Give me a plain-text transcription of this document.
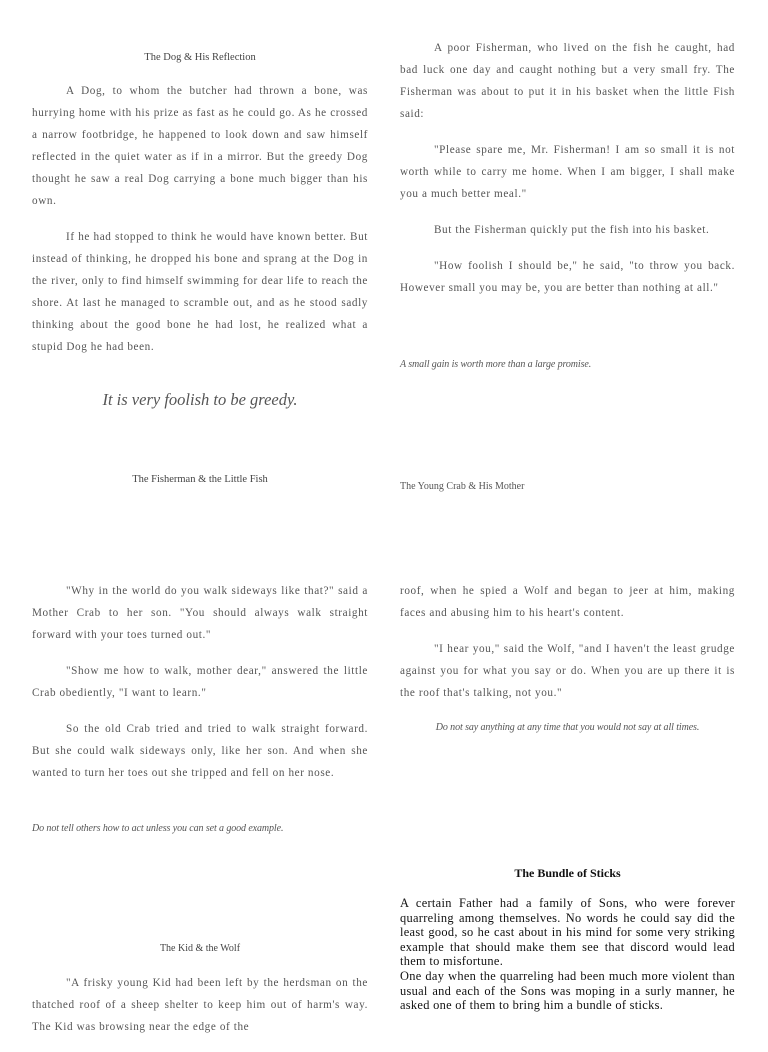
The Dog & His Reflection

A Dog, to whom the butcher had thrown a bone, was hurrying home with his prize as fast as he could go. As he crossed a narrow footbridge, he happened to look down and saw himself reflected in the quiet water as if in a mirror. But the greedy Dog thought he saw a real Dog carrying a bone much bigger than his own.

If he had stopped to think he would have known better. But instead of thinking, he dropped his bone and sprang at the Dog in the river, only to find himself swimming for dear life to reach the shore. At last he managed to scramble out, and as he stood sadly thinking about the good bone he had lost, he realized what a stupid Dog he had been.

It is very foolish to be greedy.

A poor Fisherman, who lived on the fish he caught, had bad luck one day and caught nothing but a very small fry. The Fisherman was about to put it in his basket when the little Fish said:

"Please spare me, Mr. Fisherman! I am so small it is not worth while to carry me home. When I am bigger, I shall make you a much better meal."

But the Fisherman quickly put the fish into his basket.

"How foolish I should be," he said, "to throw you back. However small you may be, you are better than nothing at all."

A small gain is worth more than a large promise.
The Fisherman & the Little Fish
The Young Crab & His Mother

"Why in the world do you walk sideways like that?" said a Mother Crab to her son. "You should always walk straight forward with your toes turned out."

"Show me how to walk, mother dear," answered the little Crab obediently, "I want to learn."

So the old Crab tried and tried to walk straight forward. But she could walk sideways only, like her son. And when she wanted to turn her toes out she tripped and fell on her nose.

Do not tell others how to act unless you can set a good example.

roof, when he spied a Wolf and began to jeer at him, making faces and abusing him to his heart's content.

"I hear you," said the Wolf, "and I haven't the least grudge against you for what you say or do. When you are up there it is the roof that's talking, not you."

Do not say anything at any time that you would not say at all times.
The Kid & the Wolf

"A frisky young Kid had been left by the herdsman on the thatched roof of a sheep shelter to keep him out of harm's way. The Kid was browsing near the edge of the

The Bundle of Sticks

A certain Father had a family of Sons, who were forever quarreling among themselves. No words he could say did the least good, so he cast about in his mind for some very striking example that should make them see that discord would lead them to misfortune.

One day when the quarreling had been much more violent than usual and each of the Sons was moping in a surly manner, he asked one of them to bring him a bundle of sticks.
